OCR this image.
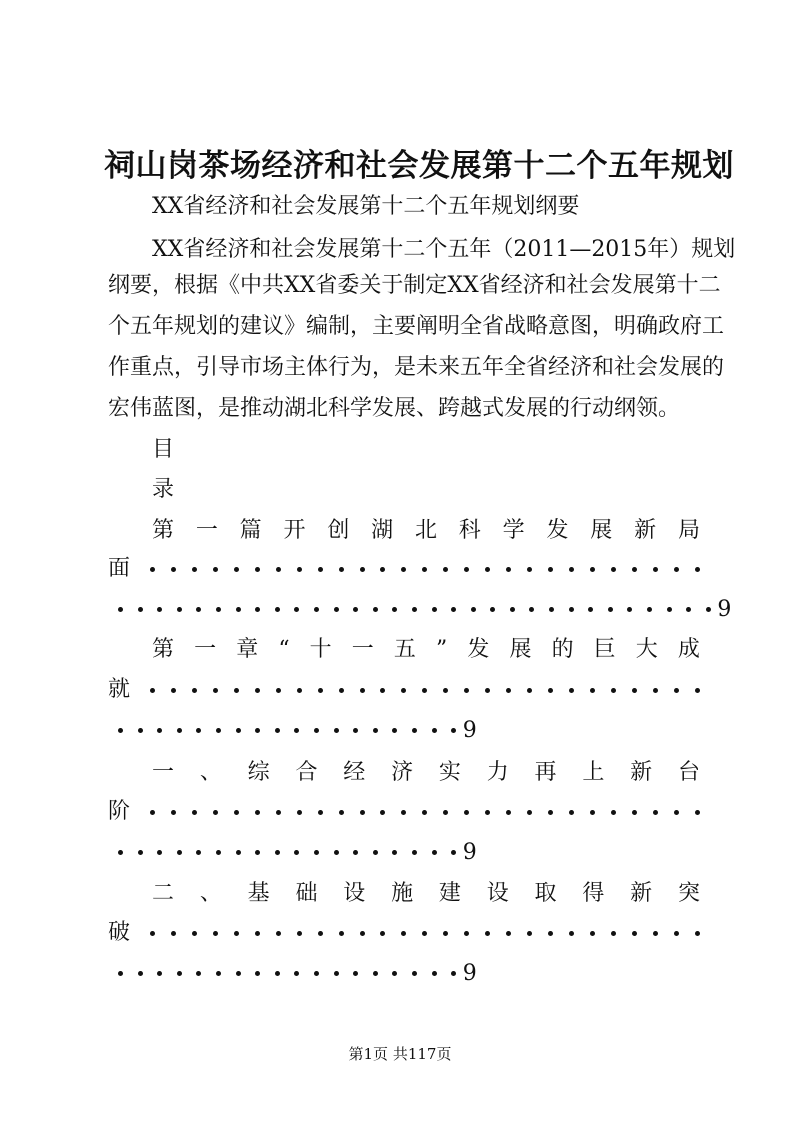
祠山岗茶场经济和社会发展第十二个五年规划
XX省经济和社会发展第十二个五年规划纲要
XX省经济和社会发展第十二个五年（2011—2015年）规划
纲要，根据《中共XX省委关于制定XX省经济和社会发展第十二
个五年规划的建议》编制，主要阐明全省战略意图，明确政府工
作重点，引导市场主体行为，是未来五年全省经济和社会发展的
宏伟蓝图，是推动湖北科学发展、跨越式发展的行动纲领。
目
录
第 一 篇 开 创 湖 北 科 学 发 展 新 局
面
9
第 一 章 “ 十 一 五 ” 发 展 的 巨 大 成
就
9
一 、 综 合 经 济 实 力 再 上 新 台
阶
9
二 、 基 础 设 施 建 设 取 得 新 突
破
9
第1页 共117页
